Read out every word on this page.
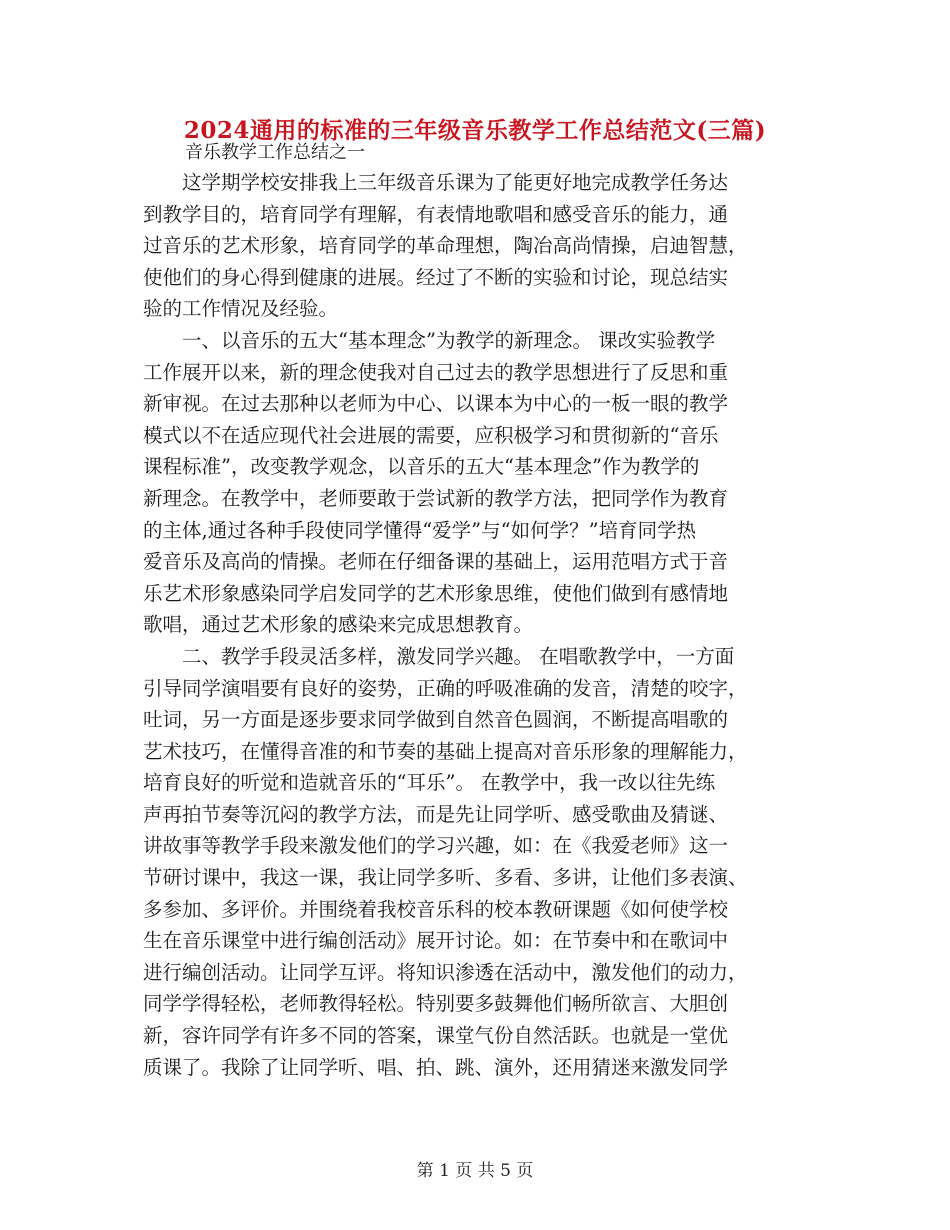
2024通用的标准的三年级音乐教学工作总结范文(三篇)
音乐教学工作总结之一
　　这学期学校安排我上三年级音乐课为了能更好地完成教学任务达
到教学目的，培育同学有理解，有表情地歌唱和感受音乐的能力，通
过音乐的艺术形象，培育同学的革命理想，陶冶高尚情操，启迪智慧，
使他们的身心得到健康的进展。经过了不断的实验和讨论，现总结实
验的工作情况及经验。
　　一、以音乐的五大“基本理念”为教学的新理念。 课改实验教学
工作展开以来，新的理念使我对自己过去的教学思想进行了反思和重
新审视。在过去那种以老师为中心、以课本为中心的一板一眼的教学
模式以不在适应现代社会进展的需要，应积极学习和贯彻新的“音乐
课程标准”，改变教学观念，以音乐的五大“基本理念”作为教学的
新理念。在教学中，老师要敢于尝试新的教学方法，把同学作为教育
的主体,通过各种手段使同学懂得“爱学”与“如何学？”培育同学热
爱音乐及高尚的情操。老师在仔细备课的基础上，运用范唱方式于音
乐艺术形象感染同学启发同学的艺术形象思维，使他们做到有感情地
歌唱，通过艺术形象的感染来完成思想教育。
　　二、教学手段灵活多样，激发同学兴趣。 在唱歌教学中，一方面
引导同学演唱要有良好的姿势，正确的呼吸准确的发音，清楚的咬字，
吐词，另一方面是逐步要求同学做到自然音色圆润，不断提高唱歌的
艺术技巧，在懂得音准的和节奏的基础上提高对音乐形象的理解能力，
培育良好的听觉和造就音乐的“耳乐”。 在教学中，我一改以往先练
声再拍节奏等沉闷的教学方法，而是先让同学听、感受歌曲及猜谜、
讲故事等教学手段来激发他们的学习兴趣，如：在《我爱老师》这一
节研讨课中，我这一课，我让同学多听、多看、多讲，让他们多表演、
多参加、多评价。并围绕着我校音乐科的校本教研课题《如何使学校
生在音乐课堂中进行编创活动》展开讨论。如：在节奏中和在歌词中
进行编创活动。让同学互评。将知识渗透在活动中，激发他们的动力，
同学学得轻松，老师教得轻松。特别要多鼓舞他们畅所欲言、大胆创
新，容许同学有许多不同的答案，课堂气份自然活跃。也就是一堂优
质课了。我除了让同学听、唱、拍、跳、演外，还用猜迷来激发同学
第 1 页 共 5 页
